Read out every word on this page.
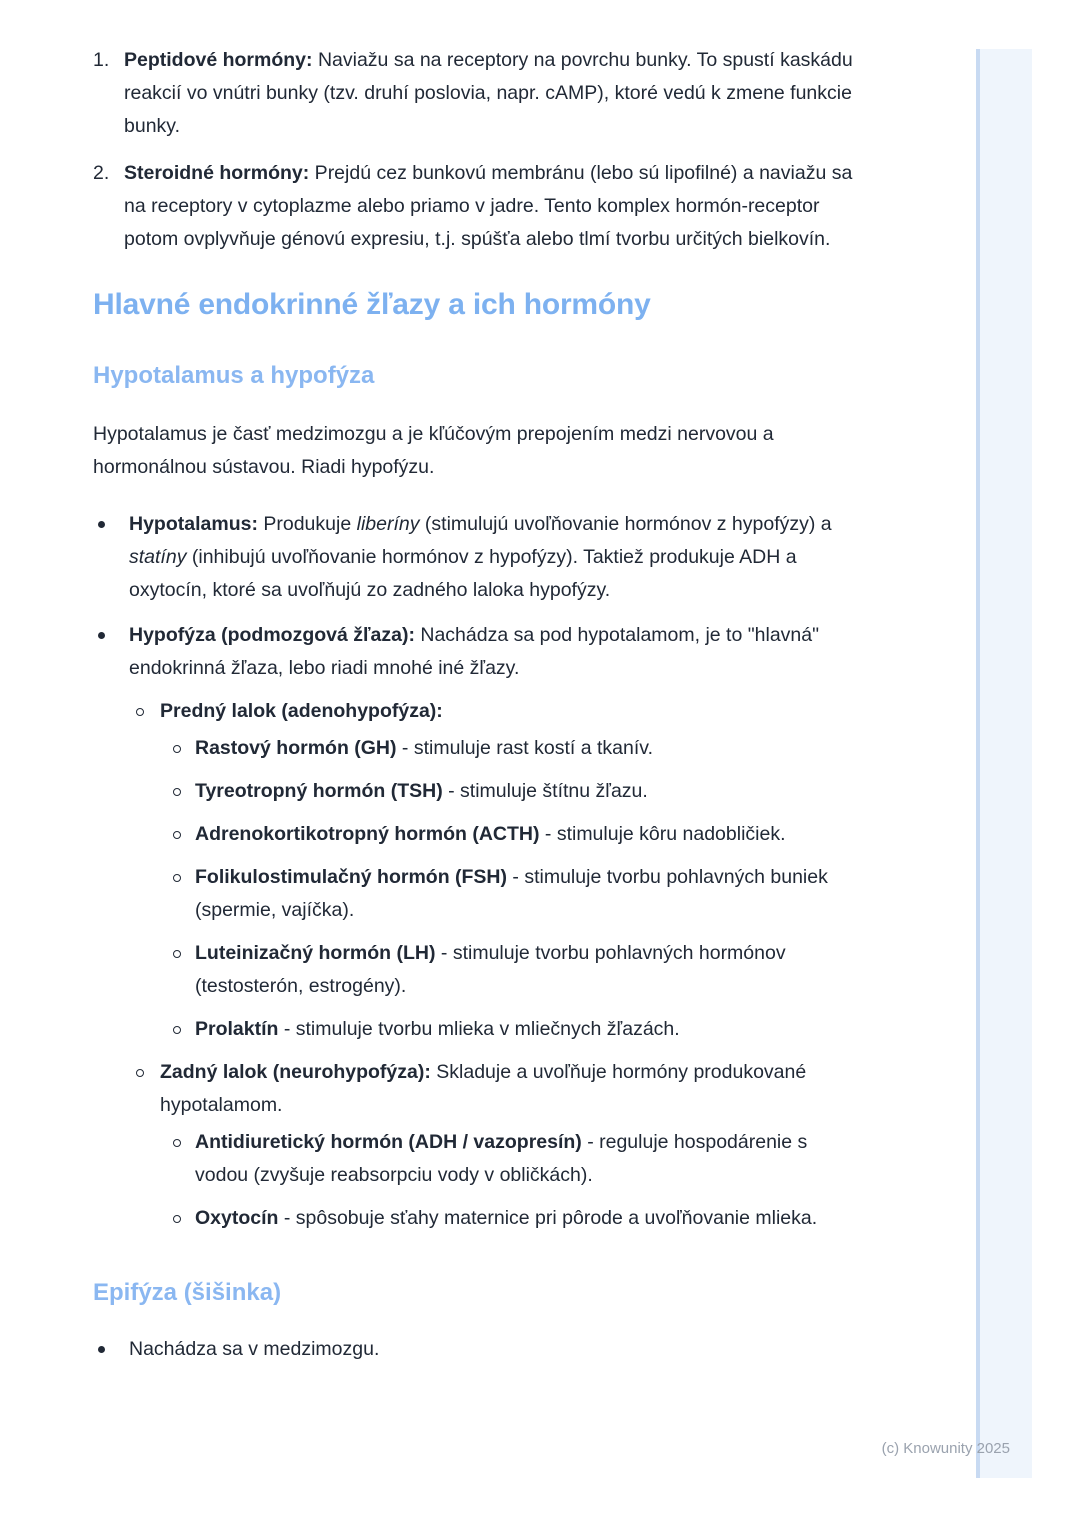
1. Peptidové hormóny: Naviažu sa na receptory na povrchu bunky. To spustí kaskádu reakcií vo vnútri bunky (tzv. druhí poslovia, napr. cAMP), ktoré vedú k zmene funkcie bunky.
2. Steroidné hormóny: Prejdú cez bunkovú membránu (lebo sú lipofilné) a naviažu sa na receptory v cytoplazme alebo priamo v jadre. Tento komplex hormón-receptor potom ovplyvňuje génovú expresiu, t.j. spúšťa alebo tlmí tvorbu určitých bielkovín.
Hlavné endokrinné žľazy a ich hormóny
Hypotalamus a hypofýza

Hypotalamus je časť medzimozgu a je kľúčovým prepojením medzi nervovou a hormonálnou sústavou. Riadi hypofýzu.

Hypotalamus: Produkuje liberíny (stimulujú uvoľňovanie hormónov z hypofýzy) a statíny (inhibujú uvoľňovanie hormónov z hypofýzy). Taktiež produkuje ADH a oxytocín, ktoré sa uvoľňujú zo zadného laloka hypofýzy.
Hypofýza (podmozgová žľaza): Nachádza sa pod hypotalamom, je to "hlavná" endokrinná žľaza, lebo riadi mnohé iné žľazy.
Predný lalok (adenohypofýza):
Rastový hormón (GH) - stimuluje rast kostí a tkanív.
Tyreotropný hormón (TSH) - stimuluje štítnu žľazu.
Adrenokortikotropný hormón (ACTH) - stimuluje kôru nadobličiek.
Folikulostimulačný hormón (FSH) - stimuluje tvorbu pohlavných buniek (spermie, vajíčka).
Luteinizačný hormón (LH) - stimuluje tvorbu pohlavných hormónov (testosterón, estrogény).
Prolaktín - stimuluje tvorbu mlieka v mliečnych žľazách.
Zadný lalok (neurohypofýza): Skladuje a uvoľňuje hormóny produkované hypotalamom.
Antidiuretický hormón (ADH / vazopresín) - reguluje hospodárenie s vodou (zvyšuje reabsorpciu vody v obličkách).
Oxytocín - spôsobuje sťahy maternice pri pôrode a uvoľňovanie mlieka.
Epifýza (šišinka)
Nachádza sa v medzimozgu.
(c) Knowunity 2025
